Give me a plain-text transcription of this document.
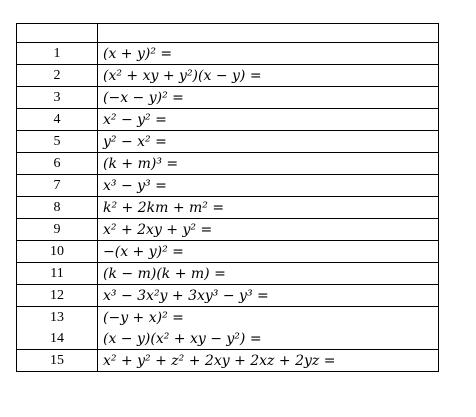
1	(x + y)² =
2	(x² + xy + y²)(x − y) =
3	(−x − y)² =
4	x² − y² =
5	y² − x² =
6	(k + m)³ =
7	x³ − y³ =
8	k² + 2km + m² =
9	x² + 2xy + y² =
10	−(x + y)² =
11	(k − m)(k + m) =
12	x³ − 3x²y + 3xy³ − y³ =
13	(−y + x)² =
14	(x − y)(x² + xy − y²) =
15	x² + y² + z² + 2xy + 2xz + 2yz =
